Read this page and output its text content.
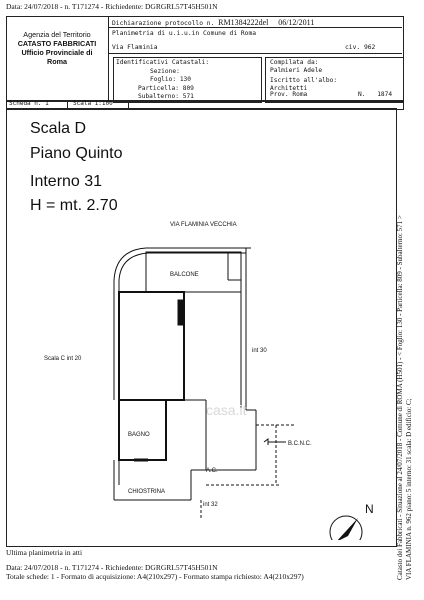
Data: 24/07/2018 - n. T171274 - Richiedente: DGRGRL57T45H501N
Agenzia del Territorio
CATASTO FABBRICATI
Ufficio Provinciale di
Roma
Dichiarazione protocollo n. RM1384222del 06/12/2011
Planimetria di u.i.u.in Comune di Roma
Via Flaminia	civ. 962
Identificativi Catastali:
Sezione:
Foglio: 130
Particella: 809
Subalterno: 571
Compilata da:
Palmieri Adele
Iscritto all'albo:
Architetti
Prov. Roma	N. 1874
Scheda n. 1	Scala 1:100
Scala D
Piano Quinto
Interno 31
H = mt. 2.70
casa.it
VIA FLAMINIA VECCHIA
BALCONE
Scala C int 20
int 30
BAGNO
A.C.
B.C.N.C.
CHIOSTRINA
int 32	N	Catasto dei Fabbricati - Situazione al 24/07/2018 - Comune di ROMA (H501) - < Foglio: 130 - Particella: 809 - Subalterno: 571 > VIA FLAMINIA n. 962 piano: 5 interno: 31 scala: D edificio: C;
Ultima planimetria in atti
Data: 24/07/2018 - n. T171274 - Richiedente: DGRGRL57T45H501N
Totale schede: 1 - Formato di acquisizione: A4(210x297) - Formato stampa richiesto: A4(210x297)
